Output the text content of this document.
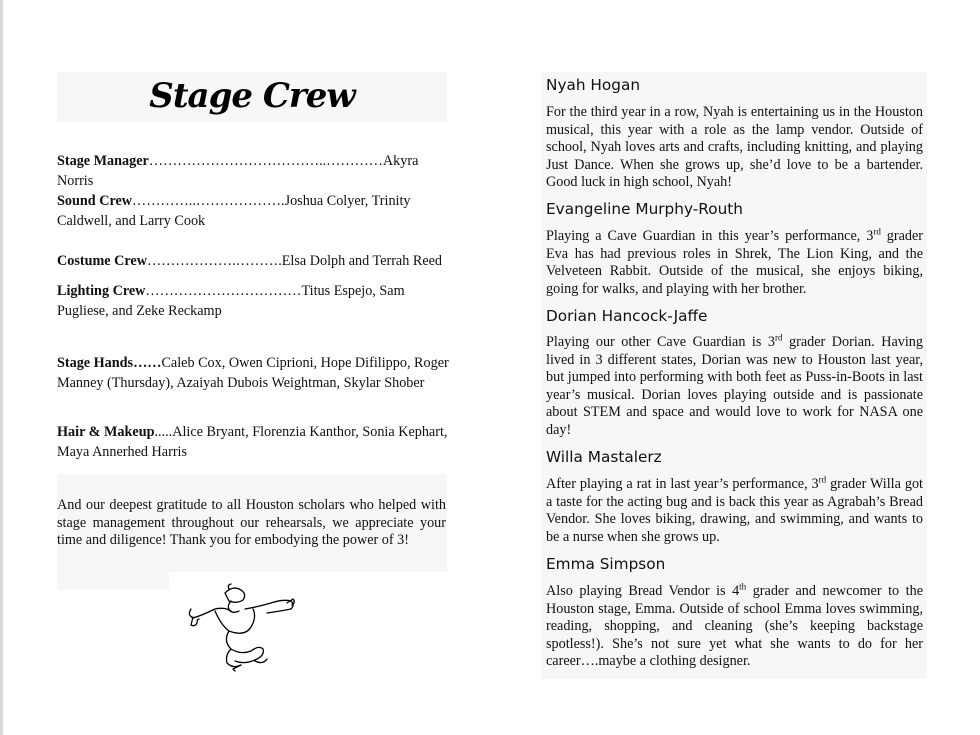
Stage Crew
Stage Manager………………………………..…………Akyra Norris
Sound Crew…………..……………….Joshua Colyer, Trinity Caldwell, and Larry Cook
Costume Crew……………….……….Elsa Dolph and Terrah Reed
Lighting Crew……………………………Titus Espejo, Sam Pugliese, and Zeke Reckamp
Stage Hands……Caleb Cox, Owen Ciprioni, Hope Difilippo, Roger Manney (Thursday), Azaiyah Dubois Weightman, Skylar Shober
Hair & Makeup.....Alice Bryant, Florenzia Kanthor, Sonia Kephart, Maya Annerhed Harris
And our deepest gratitude to all Houston scholars who helped with stage management throughout our rehearsals, we appreciate your time and diligence! Thank you for embodying the power of 3!
Nyah Hogan
For the third year in a row, Nyah is entertaining us in the Houston musical, this year with a role as the lamp vendor. Outside of school, Nyah loves arts and crafts, including knitting, and playing Just Dance. When she grows up, she’d love to be a bartender. Good luck in high school, Nyah!
Evangeline Murphy-Routh
Playing a Cave Guardian in this year’s performance, 3rd grader Eva has had previous roles in Shrek, The Lion King, and the Velveteen Rabbit. Outside of the musical, she enjoys biking, going for walks, and playing with her brother.
Dorian Hancock-Jaffe
Playing our other Cave Guardian is 3rd grader Dorian. Having lived in 3 different states, Dorian was new to Houston last year, but jumped into performing with both feet as Puss-in-Boots in last year’s musical. Dorian loves playing outside and is passionate about STEM and space and would love to work for NASA one day!
Willa Mastalerz
After playing a rat in last year’s performance, 3rd grader Willa got a taste for the acting bug and is back this year as Agrabah’s Bread Vendor. She loves biking, drawing, and swimming, and wants to be a nurse when she grows up.
Emma Simpson
Also playing Bread Vendor is 4th grader and newcomer to the Houston stage, Emma. Outside of school Emma loves swimming, reading, shopping, and cleaning (she’s keeping backstage spotless!). She’s not sure yet what she wants to do for her career….maybe a clothing designer.
